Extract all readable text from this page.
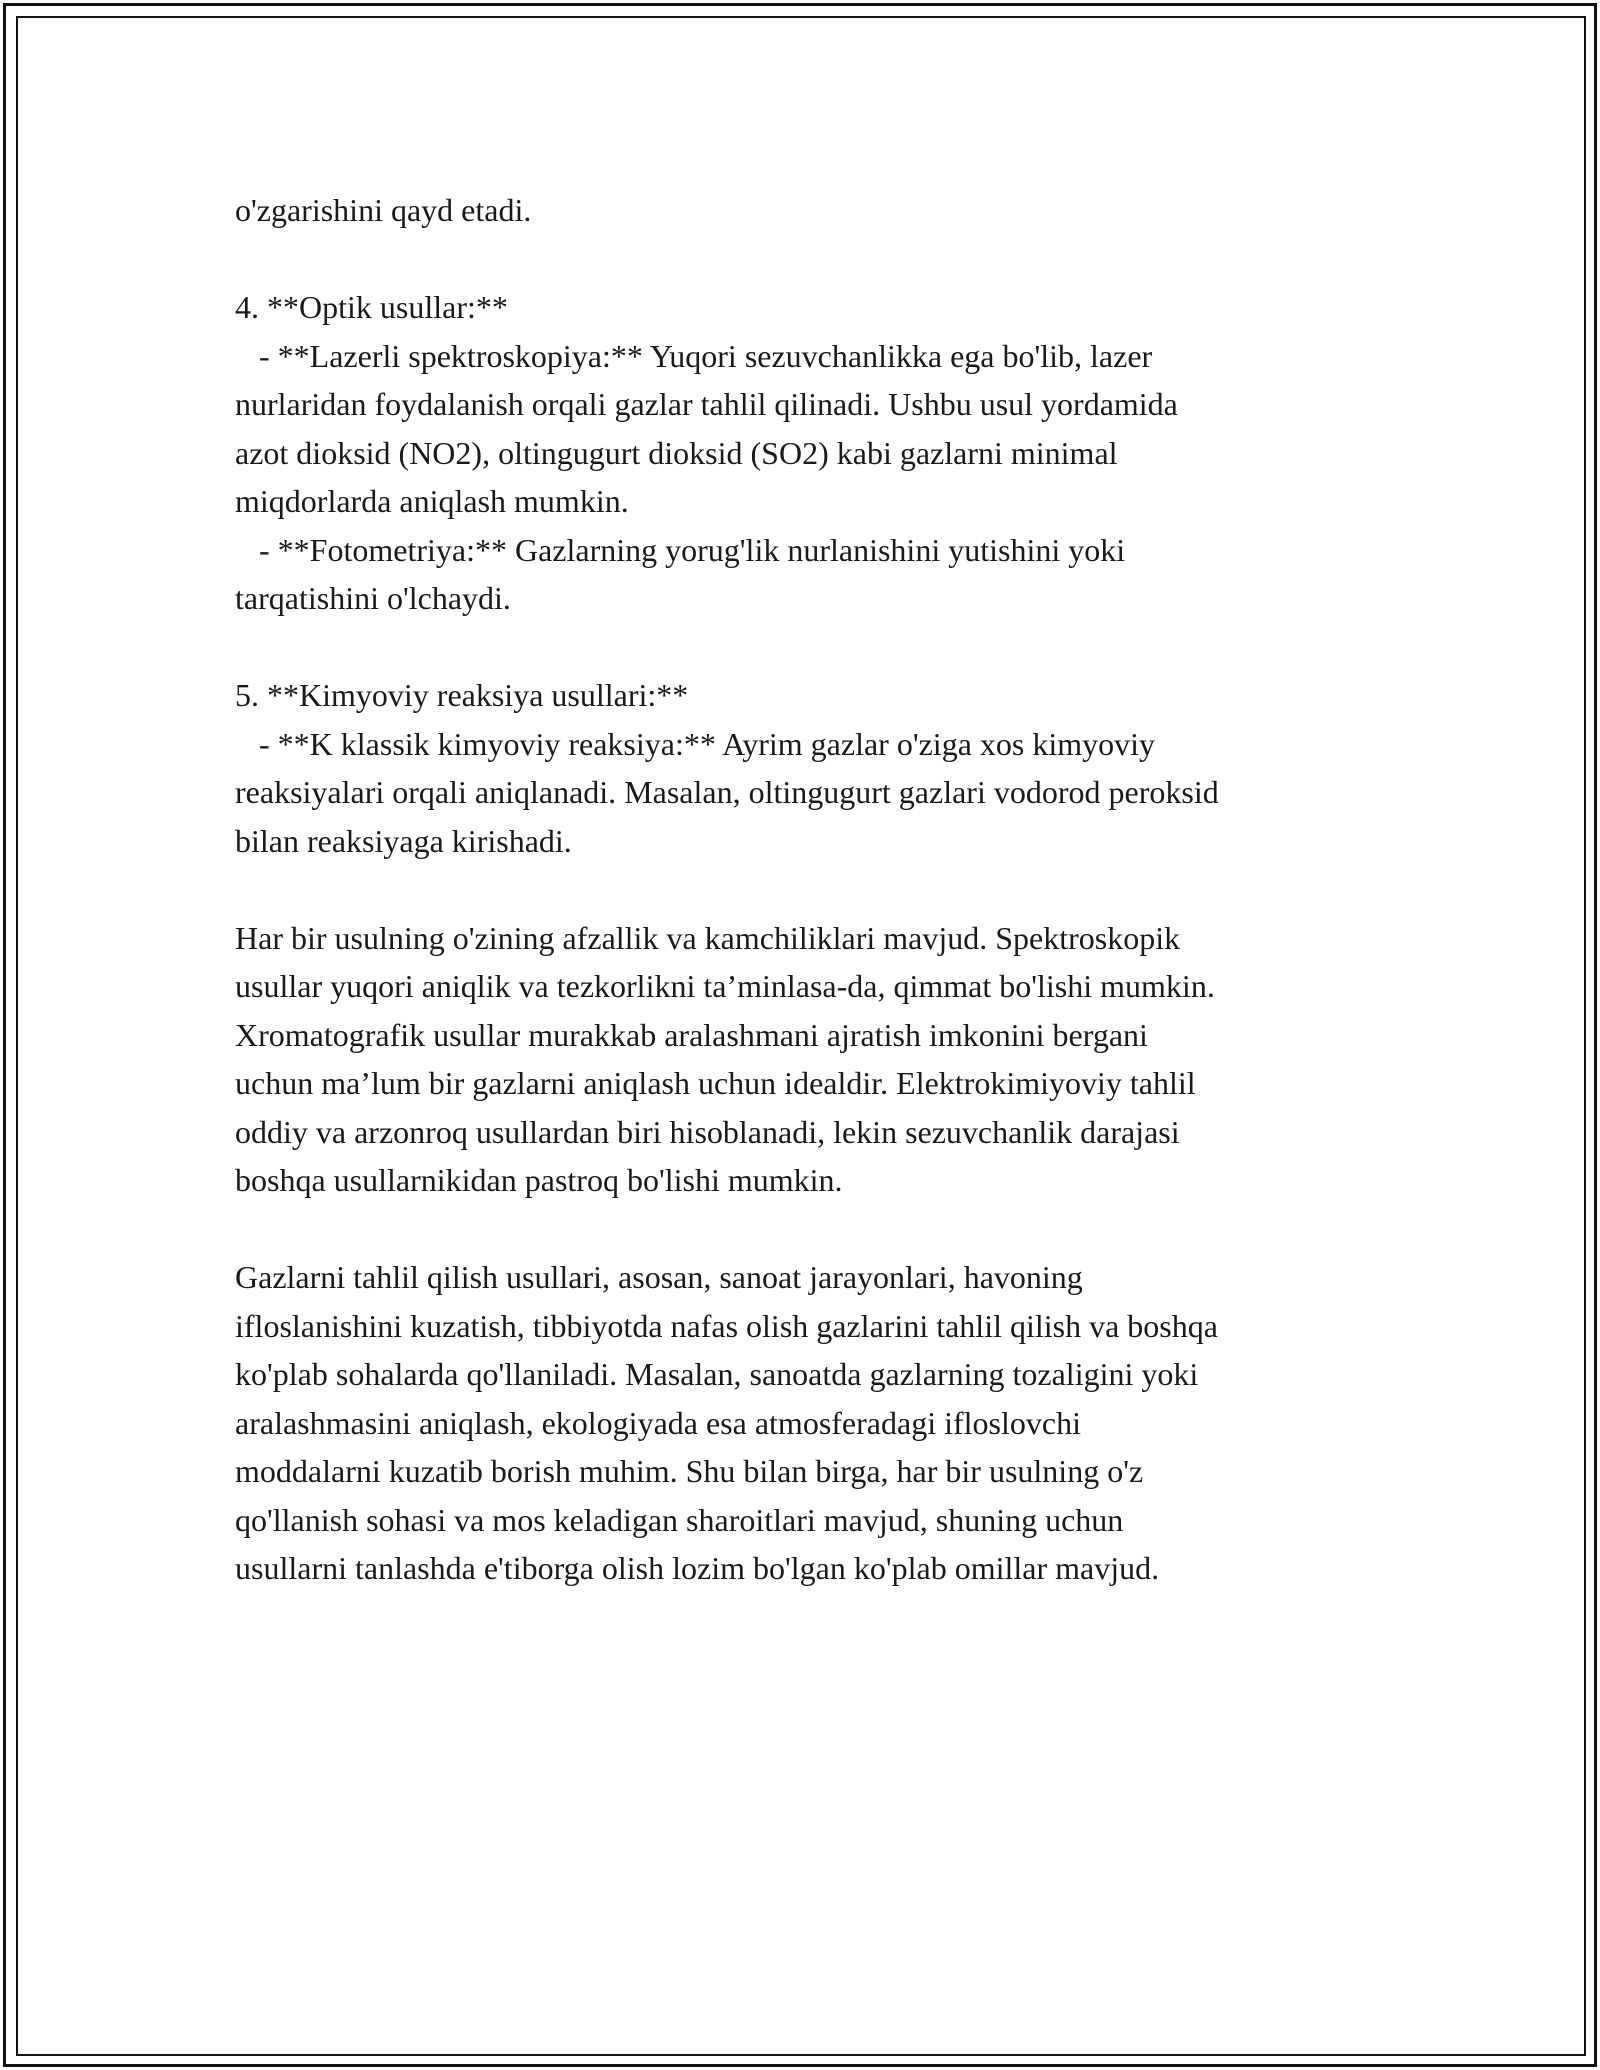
o'zgarishini qayd etadi.
4. **Optik usullar:**
- **Lazerli spektroskopiya:** Yuqori sezuvchanlikka ega bo'lib, lazer
nurlaridan foydalanish orqali gazlar tahlil qilinadi. Ushbu usul yordamida
azot dioksid (NO2), oltingugurt dioksid (SO2) kabi gazlarni minimal
miqdorlarda aniqlash mumkin.
- **Fotometriya:** Gazlarning yorug'lik nurlanishini yutishini yoki
tarqatishini o'lchaydi.
5. **Kimyoviy reaksiya usullari:**
- **K klassik kimyoviy reaksiya:** Ayrim gazlar o'ziga xos kimyoviy
reaksiyalari orqali aniqlanadi. Masalan, oltingugurt gazlari vodorod peroksid
bilan reaksiyaga kirishadi.
Har bir usulning o'zining afzallik va kamchiliklari mavjud. Spektroskopik
usullar yuqori aniqlik va tezkorlikni ta’minlasa-da, qimmat bo'lishi mumkin.
Xromatografik usullar murakkab aralashmani ajratish imkonini bergani
uchun ma’lum bir gazlarni aniqlash uchun idealdir. Elektrokimiyoviy tahlil
oddiy va arzonroq usullardan biri hisoblanadi, lekin sezuvchanlik darajasi
boshqa usullarnikidan pastroq bo'lishi mumkin.
Gazlarni tahlil qilish usullari, asosan, sanoat jarayonlari, havoning
ifloslanishini kuzatish, tibbiyotda nafas olish gazlarini tahlil qilish va boshqa
ko'plab sohalarda qo'llaniladi. Masalan, sanoatda gazlarning tozaligini yoki
aralashmasini aniqlash, ekologiyada esa atmosferadagi ifloslovchi
moddalarni kuzatib borish muhim. Shu bilan birga, har bir usulning o'z
qo'llanish sohasi va mos keladigan sharoitlari mavjud, shuning uchun
usullarni tanlashda e'tiborga olish lozim bo'lgan ko'plab omillar mavjud.
